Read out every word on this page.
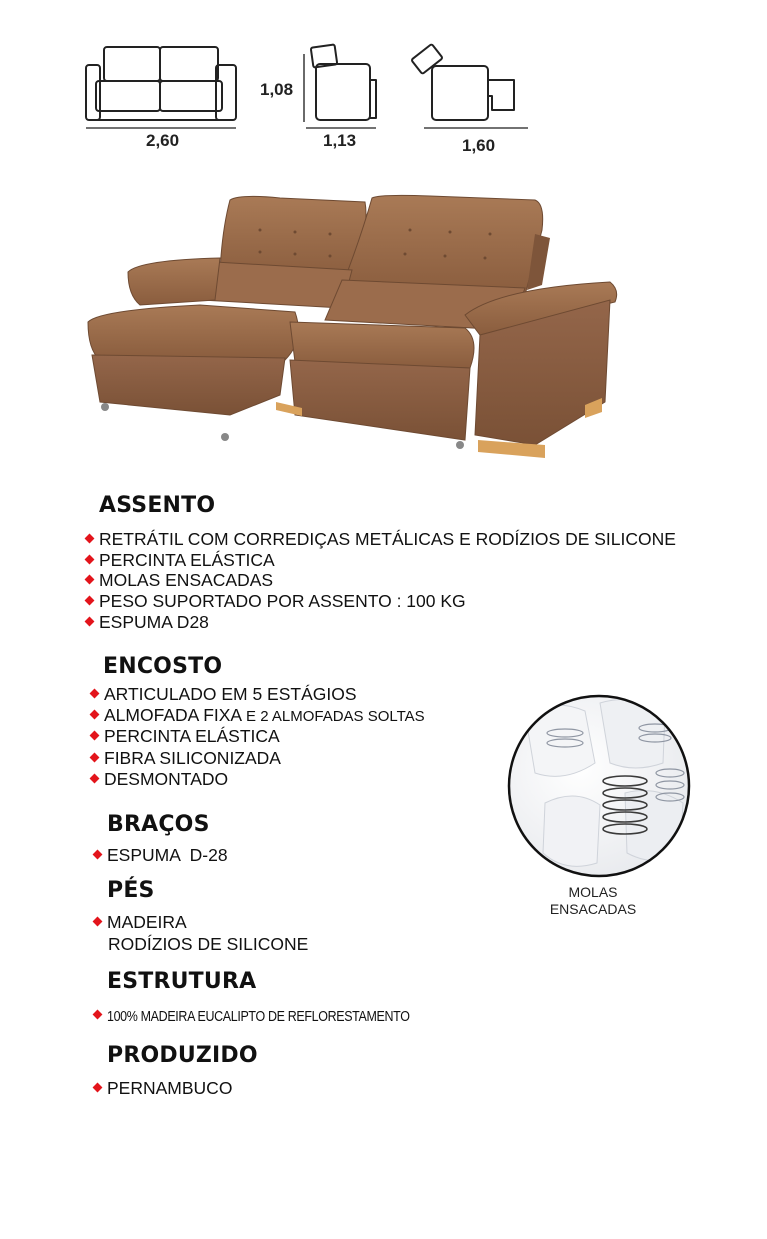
2,60
1,08
1,13	1,60
ASSENTO
RETRÁTIL COM CORREDIÇAS METÁLICAS E RODÍZIOS DE SILICONE
PERCINTA ELÁSTICA
MOLAS ENSACADAS
PESO SUPORTADO POR ASSENTO : 100 KG
ESPUMA D28
ENCOSTO
ARTICULADO EM 5 ESTÁGIOS
ALMOFADA FIXA E 2 ALMOFADAS SOLTAS
PERCINTA ELÁSTICA
FIBRA SILICONIZADA
DESMONTADO
BRAÇOS
ESPUMA  D-28
PÉS
MADEIRA
RODÍZIOS DE SILICONE
ESTRUTURA
100% MADEIRA EUCALIPTO DE REFLORESTAMENTO
PRODUZIDO
PERNAMBUCO
MOLAS
ENSACADAS
